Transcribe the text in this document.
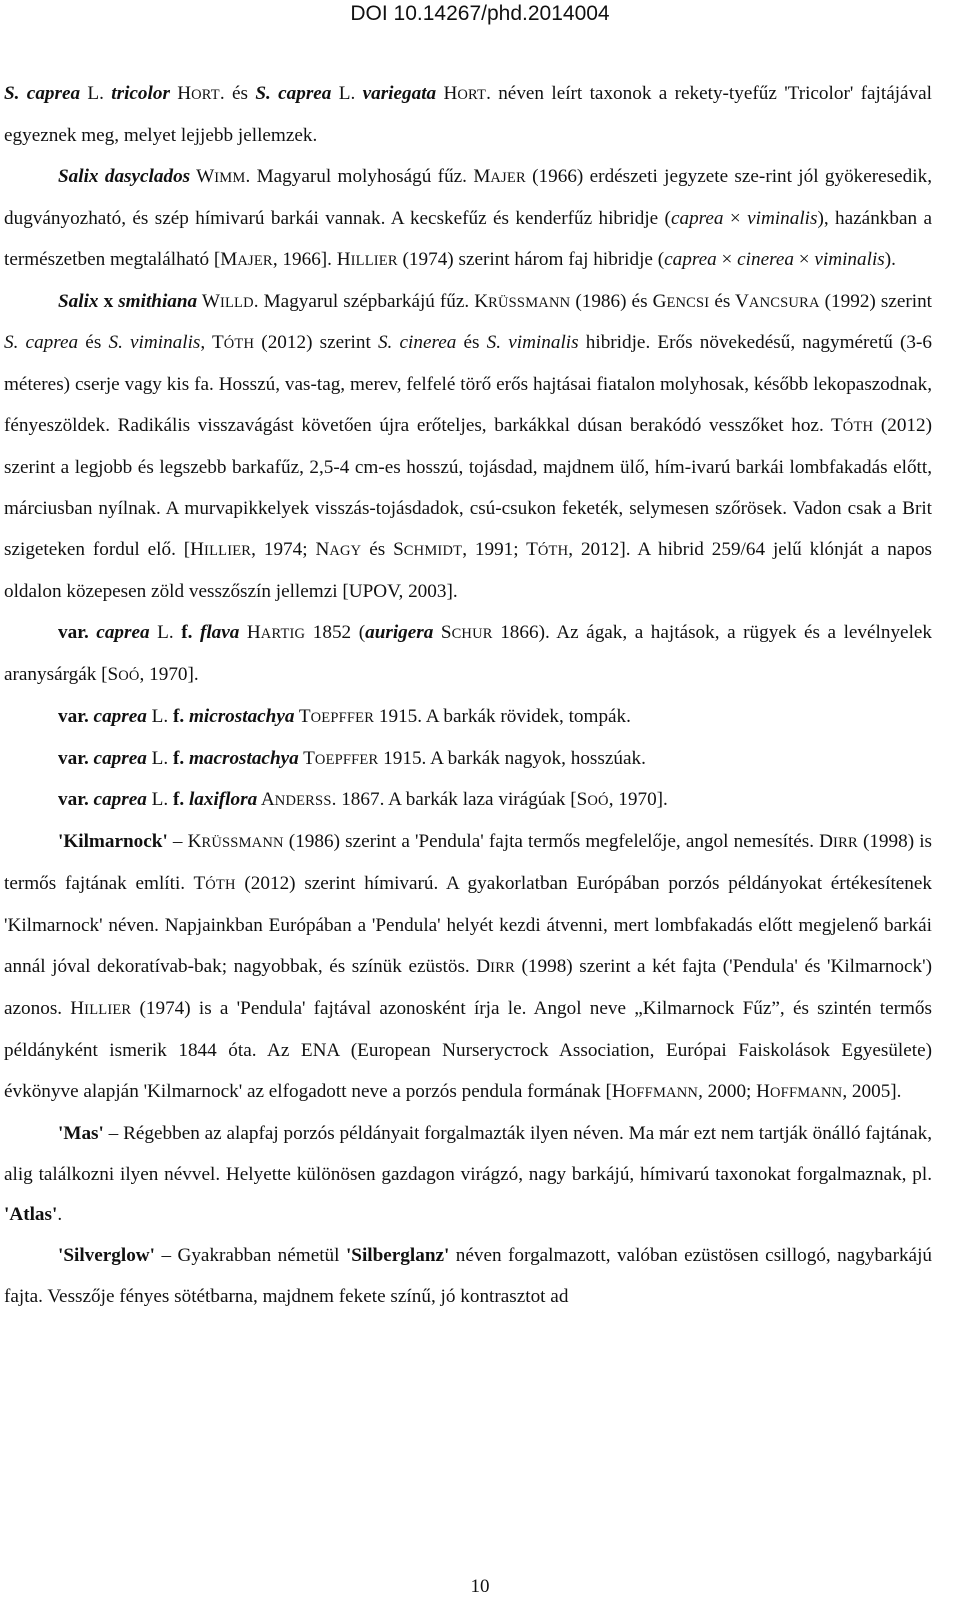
DOI 10.14267/phd.2014004

S. caprea L. tricolor HORT. és S. caprea L. variegata HORT. néven leírt taxonok a rekety-tyefűz 'Tricolor' fajtájával egyeznek meg, melyet lejjebb jellemzek.

Salix dasyclados WIMM. Magyarul molyhoságú fűz. MAJER (1966) erdészeti jegyzete sze-rint jól gyökeresedik, dugványozható, és szép hímivarú barkái vannak. A kecskefűz és kenderfűz hibridje (caprea × viminalis), hazánkban a természetben megtalálható [MAJER, 1966]. HILLIER (1974) szerint három faj hibridje (caprea × cinerea × viminalis).

Salix x smithiana WILLD. Magyarul szépbarkájú fűz. KRÜSSMANN (1986) és GENCSI és VANCSURA (1992) szerint S. caprea és S. viminalis, TÓTH (2012) szerint S. cinerea és S. viminalis hibridje. Erős növekedésű, nagyméretű (3-6 méteres) cserje vagy kis fa. Hosszú, vas-tag, merev, felfelé törő erős hajtásai fiatalon molyhosak, később lekopaszodnak, fényeszöldek. Radikális visszavágást követően újra erőteljes, barkákkal dúsan berakódó vesszőket hoz. TÓTH (2012) szerint a legjobb és legszebb barkafűz, 2,5-4 cm-es hosszú, tojásdad, majdnem ülő, hím-ivarú barkái lombfakadás előtt, márciusban nyílnak. A murvapikkelyek visszás-tojásdadok, csú-csukon feketék, selymesen szőrösek. Vadon csak a Brit szigeteken fordul elő. [HILLIER, 1974; NAGY és SCHMIDT, 1991; TÓTH, 2012]. A hibrid 259/64 jelű klónját a napos oldalon közepesen zöld vesszőszín jellemzi [UPOV, 2003].

var. caprea L. f. flava HARTIG 1852 (aurigera SCHUR 1866). Az ágak, a hajtások, a rügyek és a levélnyelek aranysárgák [SOÓ, 1970].

var. caprea L. f. microstachya TOEPFFER 1915. A barkák rövidek, tompák.

var. caprea L. f. macrostachya TOEPFFER 1915. A barkák nagyok, hosszúak.

var. caprea L. f. laxiflora ANDERSS. 1867. A barkák laza virágúak [SOÓ, 1970].

'Kilmarnock' – KRÜSSMANN (1986) szerint a 'Pendula' fajta termős megfelelője, angol nemesítés. DIRR (1998) is termős fajtának említi. TÓTH (2012) szerint hímivarú. A gyakorlatban Európában porzós példányokat értékesítenek 'Kilmarnock' néven. Napjainkban Európában a 'Pendula' helyét kezdi átvenni, mert lombfakadás előtt megjelenő barkái annál jóval dekoratívab-bak; nagyobbak, és színük ezüstös. DIRR (1998) szerint a két fajta ('Pendula' és 'Kilmarnock') azonos. HILLIER (1974) is a 'Pendula' fajtával azonosként írja le. Angol neve „Kilmarnock Fűz”, és szintén termős példányként ismerik 1844 óta. Az ENA (European Nurseryстock Association, Európai Faiskolások Egyesülete) évkönyve alapján 'Kilmarnock' az elfogadott neve a porzós pendula formának [HOFFMANN, 2000; HOFFMANN, 2005].

'Mas' – Régebben az alapfaj porzós példányait forgalmazták ilyen néven. Ma már ezt nem tartják önálló fajtának, alig találkozni ilyen névvel. Helyette különösen gazdagon virágzó, nagy barkájú, hímivarú taxonokat forgalmaznak, pl. 'Atlas'.

'Silverglow' – Gyakrabban németül 'Silberglanz' néven forgalmazott, valóban ezüstösen csillogó, nagybarkájú fajta. Vesszője fényes sötétbarna, majdnem fekete színű, jó kontrasztot ad

10
